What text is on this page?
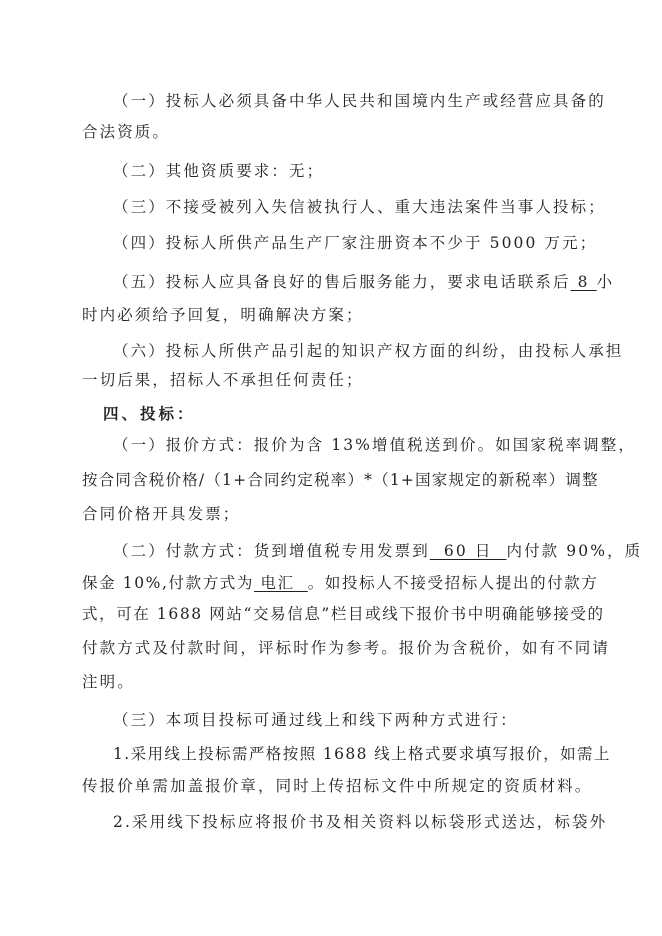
（一）投标人必须具备中华人民共和国境内生产或经营应具备的
合法资质。
（二）其他资质要求：无；
（三）不接受被列入失信被执行人、重大违法案件当事人投标；
（四）投标人所供产品生产厂家注册资本不少于 5000 万元；
（五）投标人应具备良好的售后服务能力，要求电话联系后 8 小
时内必须给予回复，明确解决方案；
（六）投标人所供产品引起的知识产权方面的纠纷，由投标人承担
一切后果，招标人不承担任何责任；
四、投标：
（一）报价方式：报价为含 13%增值税送到价。如国家税率调整，
按合同含税价格/（1+合同约定税率）*（1+国家规定的新税率）调整
合同价格开具发票；
（二）付款方式：货到增值税专用发票到  60 日  内付款 90%，质
保金 10%,付款方式为 电汇  。如投标人不接受招标人提出的付款方
式，可在 1688 网站“交易信息”栏目或线下报价书中明确能够接受的
付款方式及付款时间，评标时作为参考。报价为含税价，如有不同请
注明。
（三）本项目投标可通过线上和线下两种方式进行：
1.采用线上投标需严格按照 1688 线上格式要求填写报价，如需上
传报价单需加盖报价章，同时上传招标文件中所规定的资质材料。
2.采用线下投标应将报价书及相关资料以标袋形式送达，标袋外
